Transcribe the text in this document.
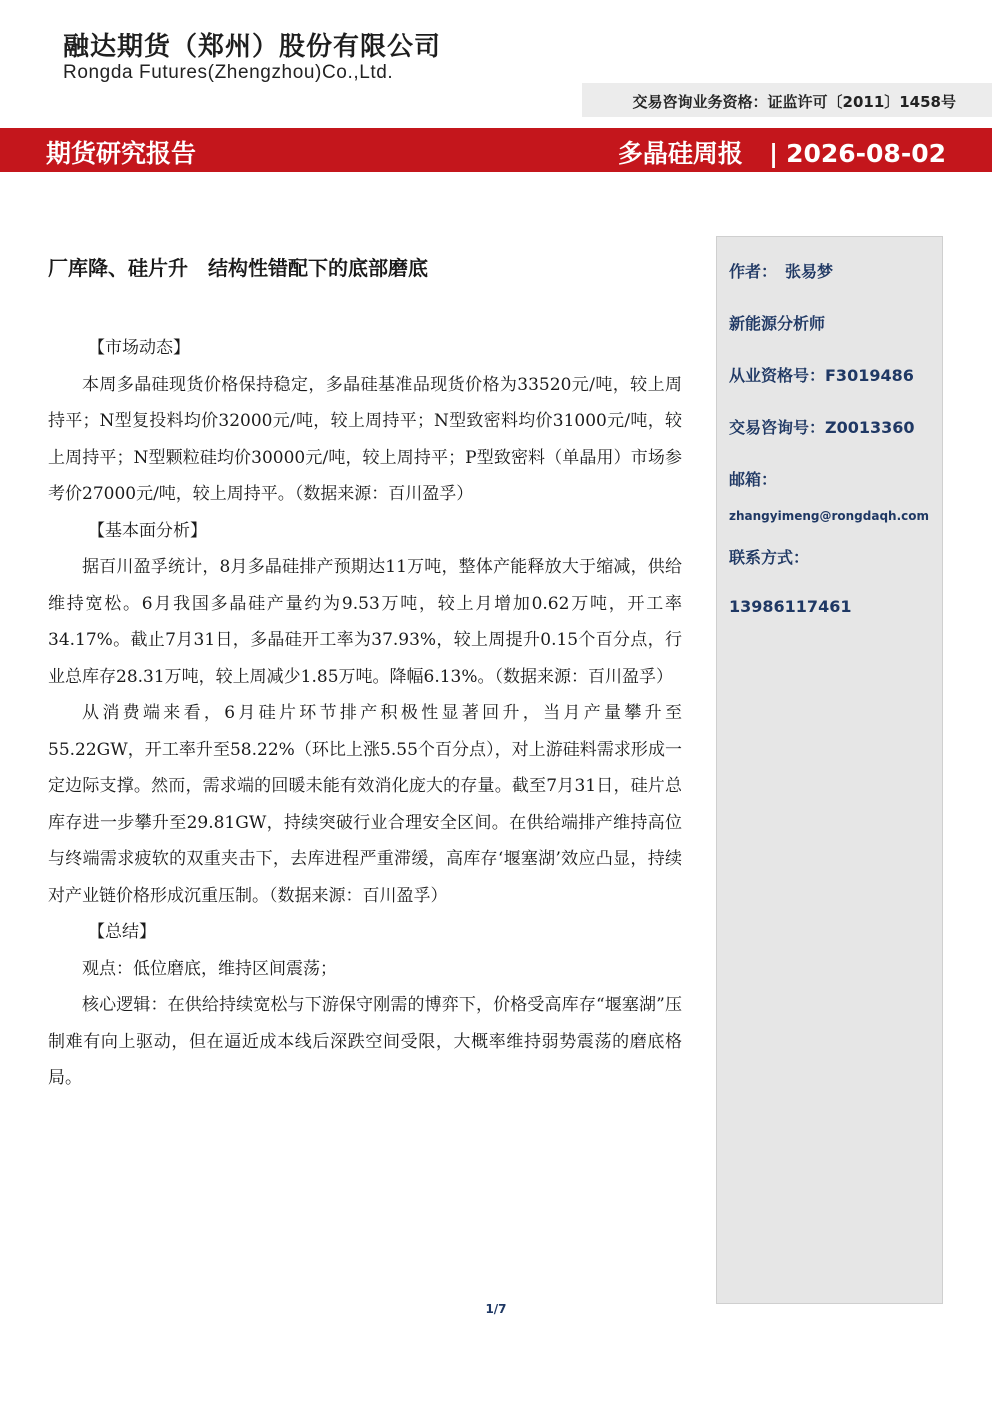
融达期货（郑州）股份有限公司
Rongda Futures(Zhengzhou)Co.,Ltd.
交易咨询业务资格：证监许可〔2011〕1458号
期货研究报告	多晶硅周报 | 2026-08-02
厂库降、硅片升　结构性错配下的底部磨底
【市场动态】
本周多晶硅现货价格保持稳定，多晶硅基准品现货价格为33520元/吨，较上周持平；N型复投料均价32000元/吨，较上周持平；N型致密料均价31000元/吨，较上周持平；N型颗粒硅均价30000元/吨，较上周持平；P型致密料（单晶用）市场参考价27000元/吨，较上周持平。（数据来源：百川盈孚）
【基本面分析】
据百川盈孚统计，8月多晶硅排产预期达11万吨，整体产能释放大于缩减，供给维持宽松。6月我国多晶硅产量约为9.53万吨，较上月增加0.62万吨，开工率34.17%。截止7月31日，多晶硅开工率为37.93%，较上周提升0.15个百分点，行业总库存28.31万吨，较上周减少1.85万吨。降幅6.13%。（数据来源：百川盈孚）
从消费端来看，6月硅片环节排产积极性显著回升，当月产量攀升至55.22GW，开工率升至58.22%（环比上涨5.55个百分点），对上游硅料需求形成一定边际支撑。然而，需求端的回暖未能有效消化庞大的存量。截至7月31日，硅片总库存进一步攀升至29.81GW，持续突破行业合理安全区间。在供给端排产维持高位与终端需求疲软的双重夹击下，去库进程严重滞缓，高库存‘堰塞湖’效应凸显，持续对产业链价格形成沉重压制。（数据来源：百川盈孚）
【总结】
观点：低位磨底，维持区间震荡；
核心逻辑：在供给持续宽松与下游保守刚需的博弈下，价格受高库存“堰塞湖”压制难有向上驱动，但在逼近成本线后深跌空间受限，大概率维持弱势震荡的磨底格局。
作者：　张易梦
新能源分析师
从业资格号：F3019486
交易咨询号：Z0013360
邮箱：
zhangyimeng@rongdaqh.com
联系方式：
13986117461
1/7
